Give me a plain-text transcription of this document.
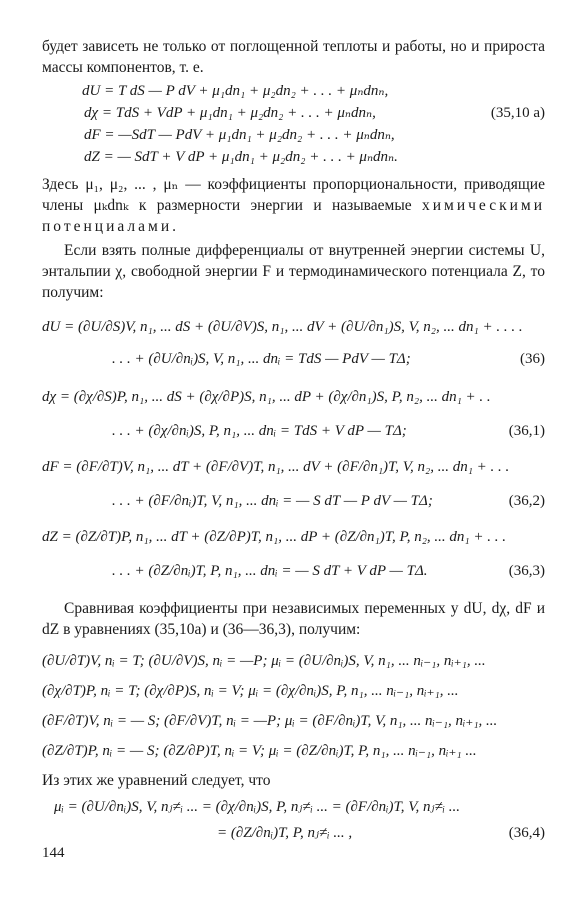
будет зависеть не только от поглощенной теплоты и работы, но и прироста массы компонентов, т. е.
dU = T dS — P dV + μ₁dn₁ + μ₂dn₂ + . . . + μₙdnₙ,
dχ = TdS + VdP + μ₁dn₁ + μ₂dn₂ + . . . + μₙdnₙ,	(35,10 а)
dF = —SdT — PdV + μ₁dn₁ + μ₂dn₂ + . . . + μₙdnₙ,
dZ = — SdT + V dP + μ₁dn₁ + μ₂dn₂ + . . . + μₙdnₙ.
Здесь μ₁, μ₂, ... , μₙ — коэффициенты пропорциональности, приводящие члены μₖdnₖ к размерности энергии и называемые химическими потенциалами.
Если взять полные дифференциалы от внутренней энергии системы U, энтальпии χ, свободной энергии F и термодинамического потенциала Z, то получим:
dU = (∂U/∂S)V, n₁, ... dS + (∂U/∂V)S, n₁, ... dV + (∂U/∂n₁)S, V, n₂, ... dn₁ + . . . .
. . . + (∂U/∂nᵢ)S, V, n₁, ... dnᵢ = TdS — PdV — TΔ;	(36)
dχ = (∂χ/∂S)P, n₁, ... dS + (∂χ/∂P)S, n₁, ... dP + (∂χ/∂n₁)S, P, n₂, ... dn₁ + . .
. . . + (∂χ/∂nᵢ)S, P, n₁, ... dnᵢ = TdS + V dP — TΔ;	(36,1)
dF = (∂F/∂T)V, n₁, ... dT + (∂F/∂V)T, n₁, ... dV + (∂F/∂n₁)T, V, n₂, ... dn₁ + . . .
. . . + (∂F/∂nᵢ)T, V, n₁, ... dnᵢ = — S dT — P dV — TΔ;	(36,2)
dZ = (∂Z/∂T)P, n₁, ... dT + (∂Z/∂P)T, n₁, ... dP + (∂Z/∂n₁)T, P, n₂, ... dn₁ + . . .
. . . + (∂Z/∂nᵢ)T, P, n₁, ... dnᵢ = — S dT + V dP — TΔ.	(36,3)
Сравнивая коэффициенты при независимых переменных у dU, dχ, dF и dZ в уравнениях (35,10а) и (36—36,3), получим:
(∂U/∂T)V, nᵢ = T; (∂U/∂V)S, nᵢ = —P; μᵢ = (∂U/∂nᵢ)S, V, n₁, ... nᵢ₋₁, nᵢ₊₁, ...
(∂χ/∂T)P, nᵢ = T; (∂χ/∂P)S, nᵢ = V; μᵢ = (∂χ/∂nᵢ)S, P, n₁, ... nᵢ₋₁, nᵢ₊₁, ...
(∂F/∂T)V, nᵢ = — S; (∂F/∂V)T, nᵢ = —P; μᵢ = (∂F/∂nᵢ)T, V, n₁, ... nᵢ₋₁, nᵢ₊₁, ...
(∂Z/∂T)P, nᵢ = — S; (∂Z/∂P)T, nᵢ = V; μᵢ = (∂Z/∂nᵢ)T, P, n₁, ... nᵢ₋₁, nᵢ₊₁ ...
Из этих же уравнений следует, что
μᵢ = (∂U/∂nᵢ)S, V, nⱼ≠ᵢ ... = (∂χ/∂nᵢ)S, P, nⱼ≠ᵢ ... = (∂F/∂nᵢ)T, V, nⱼ≠ᵢ ...
= (∂Z/∂nᵢ)T, P, nⱼ≠ᵢ ... ,	(36,4)
144
